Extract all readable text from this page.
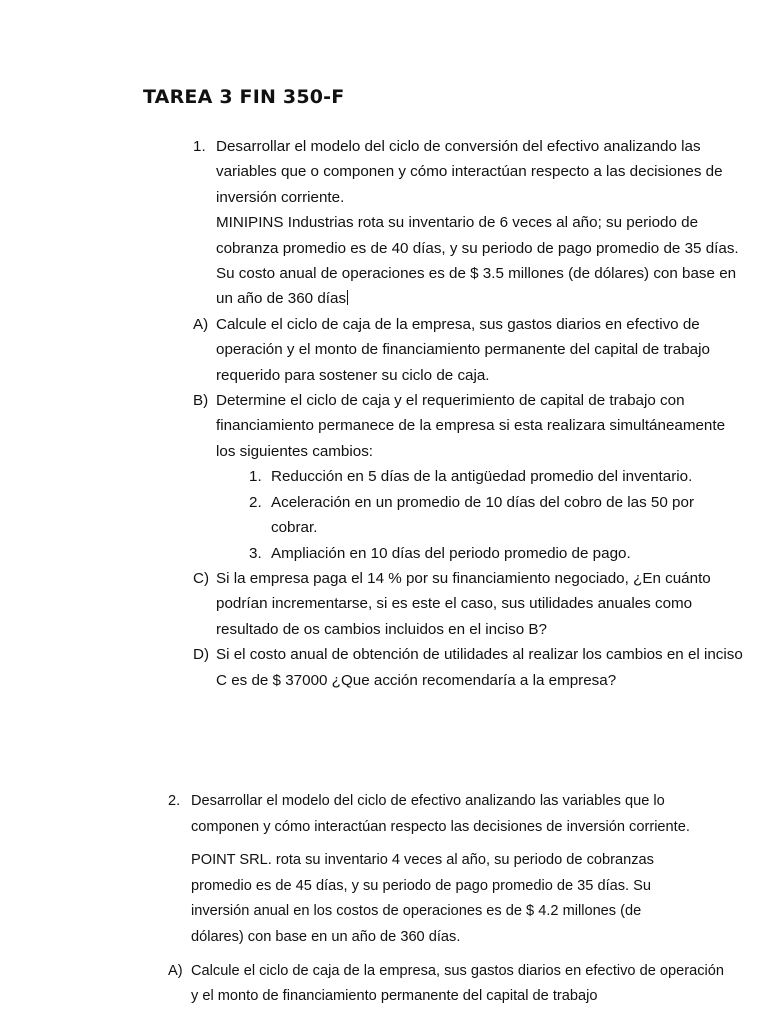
TAREA 3 FIN 350-F
1. Desarrollar el modelo del ciclo de conversión del efectivo analizando las variables que o componen y cómo interactúan respecto a las decisiones de inversión corriente.
MINIPINS Industrias rota su inventario de 6 veces al año; su periodo de cobranza promedio es de 40 días, y su periodo de pago promedio de 35 días. Su costo anual de operaciones es de $ 3.5 millones (de dólares) con base en un año de 360 días
A) Calcule el ciclo de caja de la empresa, sus gastos diarios en efectivo de operación y el monto de financiamiento permanente del capital de trabajo requerido para sostener su ciclo de caja.
B) Determine el ciclo de caja y el requerimiento de capital de trabajo con financiamiento permanece de la empresa si esta realizara simultáneamente los siguientes cambios:
1. Reducción en 5 días de la antigüedad promedio del inventario.
2. Aceleración en un promedio de 10 días del cobro de las 50 por cobrar.
3. Ampliación en 10 días del periodo promedio de pago.
C) Si la empresa paga el 14 % por su financiamiento negociado, ¿En cuánto podrían incrementarse, si es este el caso, sus utilidades anuales como resultado de os cambios incluidos en el inciso B?
D) Si el costo anual de obtención de utilidades al realizar los cambios en el inciso C es de $ 37000 ¿Que acción recomendaría a la empresa?
2. Desarrollar el modelo del ciclo de efectivo analizando las variables que lo componen y cómo interactúan respecto las decisiones de inversión corriente.
POINT SRL. rota su inventario 4 veces al año, su periodo de cobranzas promedio es de 45 días, y su periodo de pago promedio de 35 días. Su inversión anual en los costos de operaciones es de $ 4.2 millones (de dólares) con base en un año de 360 días.
A) Calcule el ciclo de caja de la empresa, sus gastos diarios en efectivo de operación y el monto de financiamiento permanente del capital de trabajo
